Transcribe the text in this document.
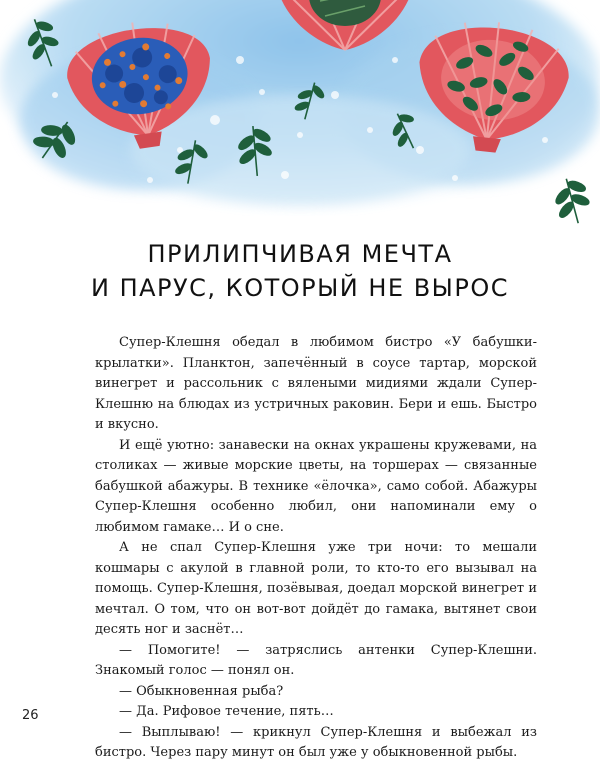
ПРИЛИПЧИВАЯ МЕЧТА
И ПАРУС, КОТОРЫЙ НЕ ВЫРОС

Супер-Клешня обедал в любимом бистро «У бабушки-крылатки». Планктон, запечённый в соусе тартар, морской винегрет и рассольник с вялеными мидиями ждали Супер-Клешню на блюдах из устричных раковин. Бери и ешь. Быстро и вкусно.

И ещё уютно: занавески на окнах украшены кружевами, на столиках — живые морские цветы, на торшерах — связанные бабушкой абажуры. В технике «ёлочка», само собой. Абажуры Супер-Клешня особенно любил, они напоминали ему о любимом гамаке… И о сне.

А не спал Супер-Клешня уже три ночи: то мешали кошмары с акулой в главной роли, то кто-то его вызывал на помощь. Супер-Клешня, позёвывая, доедал морской винегрет и мечтал. О том, что он вот-вот дойдёт до гамака, вытянет свои десять ног и заснёт…

— Помогите! — затряслись антенки Супер-Клешни. Знакомый голос — понял он.

— Обыкновенная рыба?

— Да. Рифовое течение, пять…

— Выплываю! — крикнул Супер-Клешня и выбежал из бистро. Через пару минут он был уже у обыкновенной рыбы.

26
